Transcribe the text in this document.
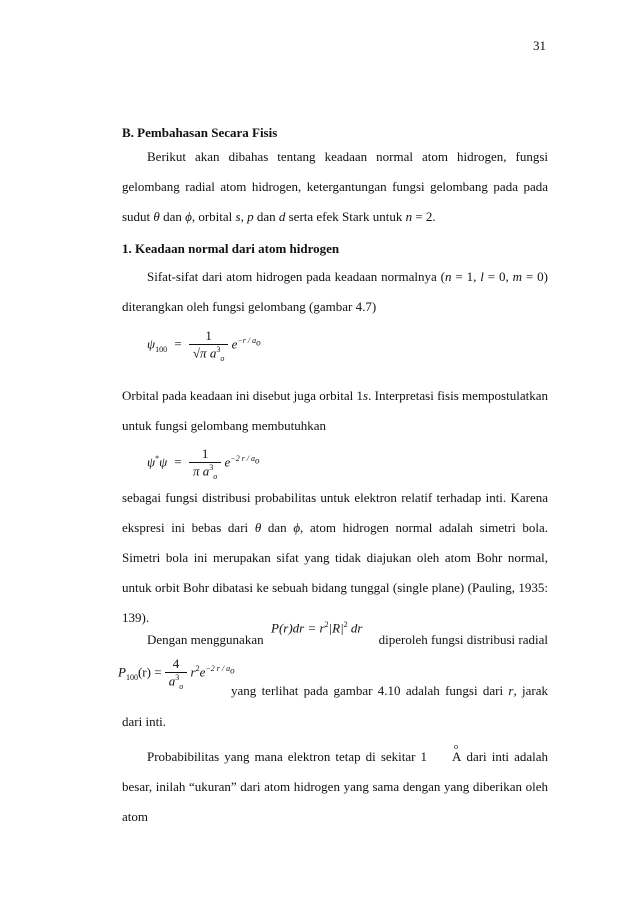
31
B. Pembahasan Secara Fisis
Berikut akan dibahas tentang keadaan normal atom hidrogen, fungsi gelombang radial atom hidrogen, ketergantungan fungsi gelombang pada pada sudut θ dan ϕ, orbital s, p dan d serta efek Stark untuk n = 2.
1. Keadaan normal dari atom hidrogen
Sifat-sifat dari atom hidrogen pada keadaan normalnya (n = 1, l = 0, m = 0) diterangkan oleh fungsi gelombang (gambar 4.7)
$\psi_{100} = \frac{1}{√\pi a^3_o} e^{-r / a_o}$
Orbital pada keadaan ini disebut juga orbital 1s. Interpretasi fisis mempostulatkan untuk fungsi gelombang membutuhkan
$\psi^*\psi = \frac{1}{\pi a^3_o} e^{-2 r / a_o}$
sebagai fungsi distribusi probabilitas untuk elektron relatif terhadap inti. Karena ekspresi ini bebas dari θ dan ϕ, atom hidrogen normal adalah simetri bola. Simetri bola ini merupakan sifat yang tidak diajukan oleh atom Bohr normal, untuk orbit Bohr dibatasi ke sebuah bidang tunggal (single plane) (Pauling, 1935: 139).
Dengan menggunakan
$P(r)dr = r^2|R|^2$ dr
diperoleh fungsi distribusi radial
$P_{100}(r) = \frac{4}{a^3_o} r^2e^{-2 r / a_o}$
yang terlihat pada gambar 4.10 adalah fungsi dari r, jarak
dari inti.
Probabibilitas yang mana elektron tetap di sekitar 1
o
A dari inti adalah besar, inilah “ukuran” dari atom hidrogen yang sama dengan yang diberikan oleh atom
